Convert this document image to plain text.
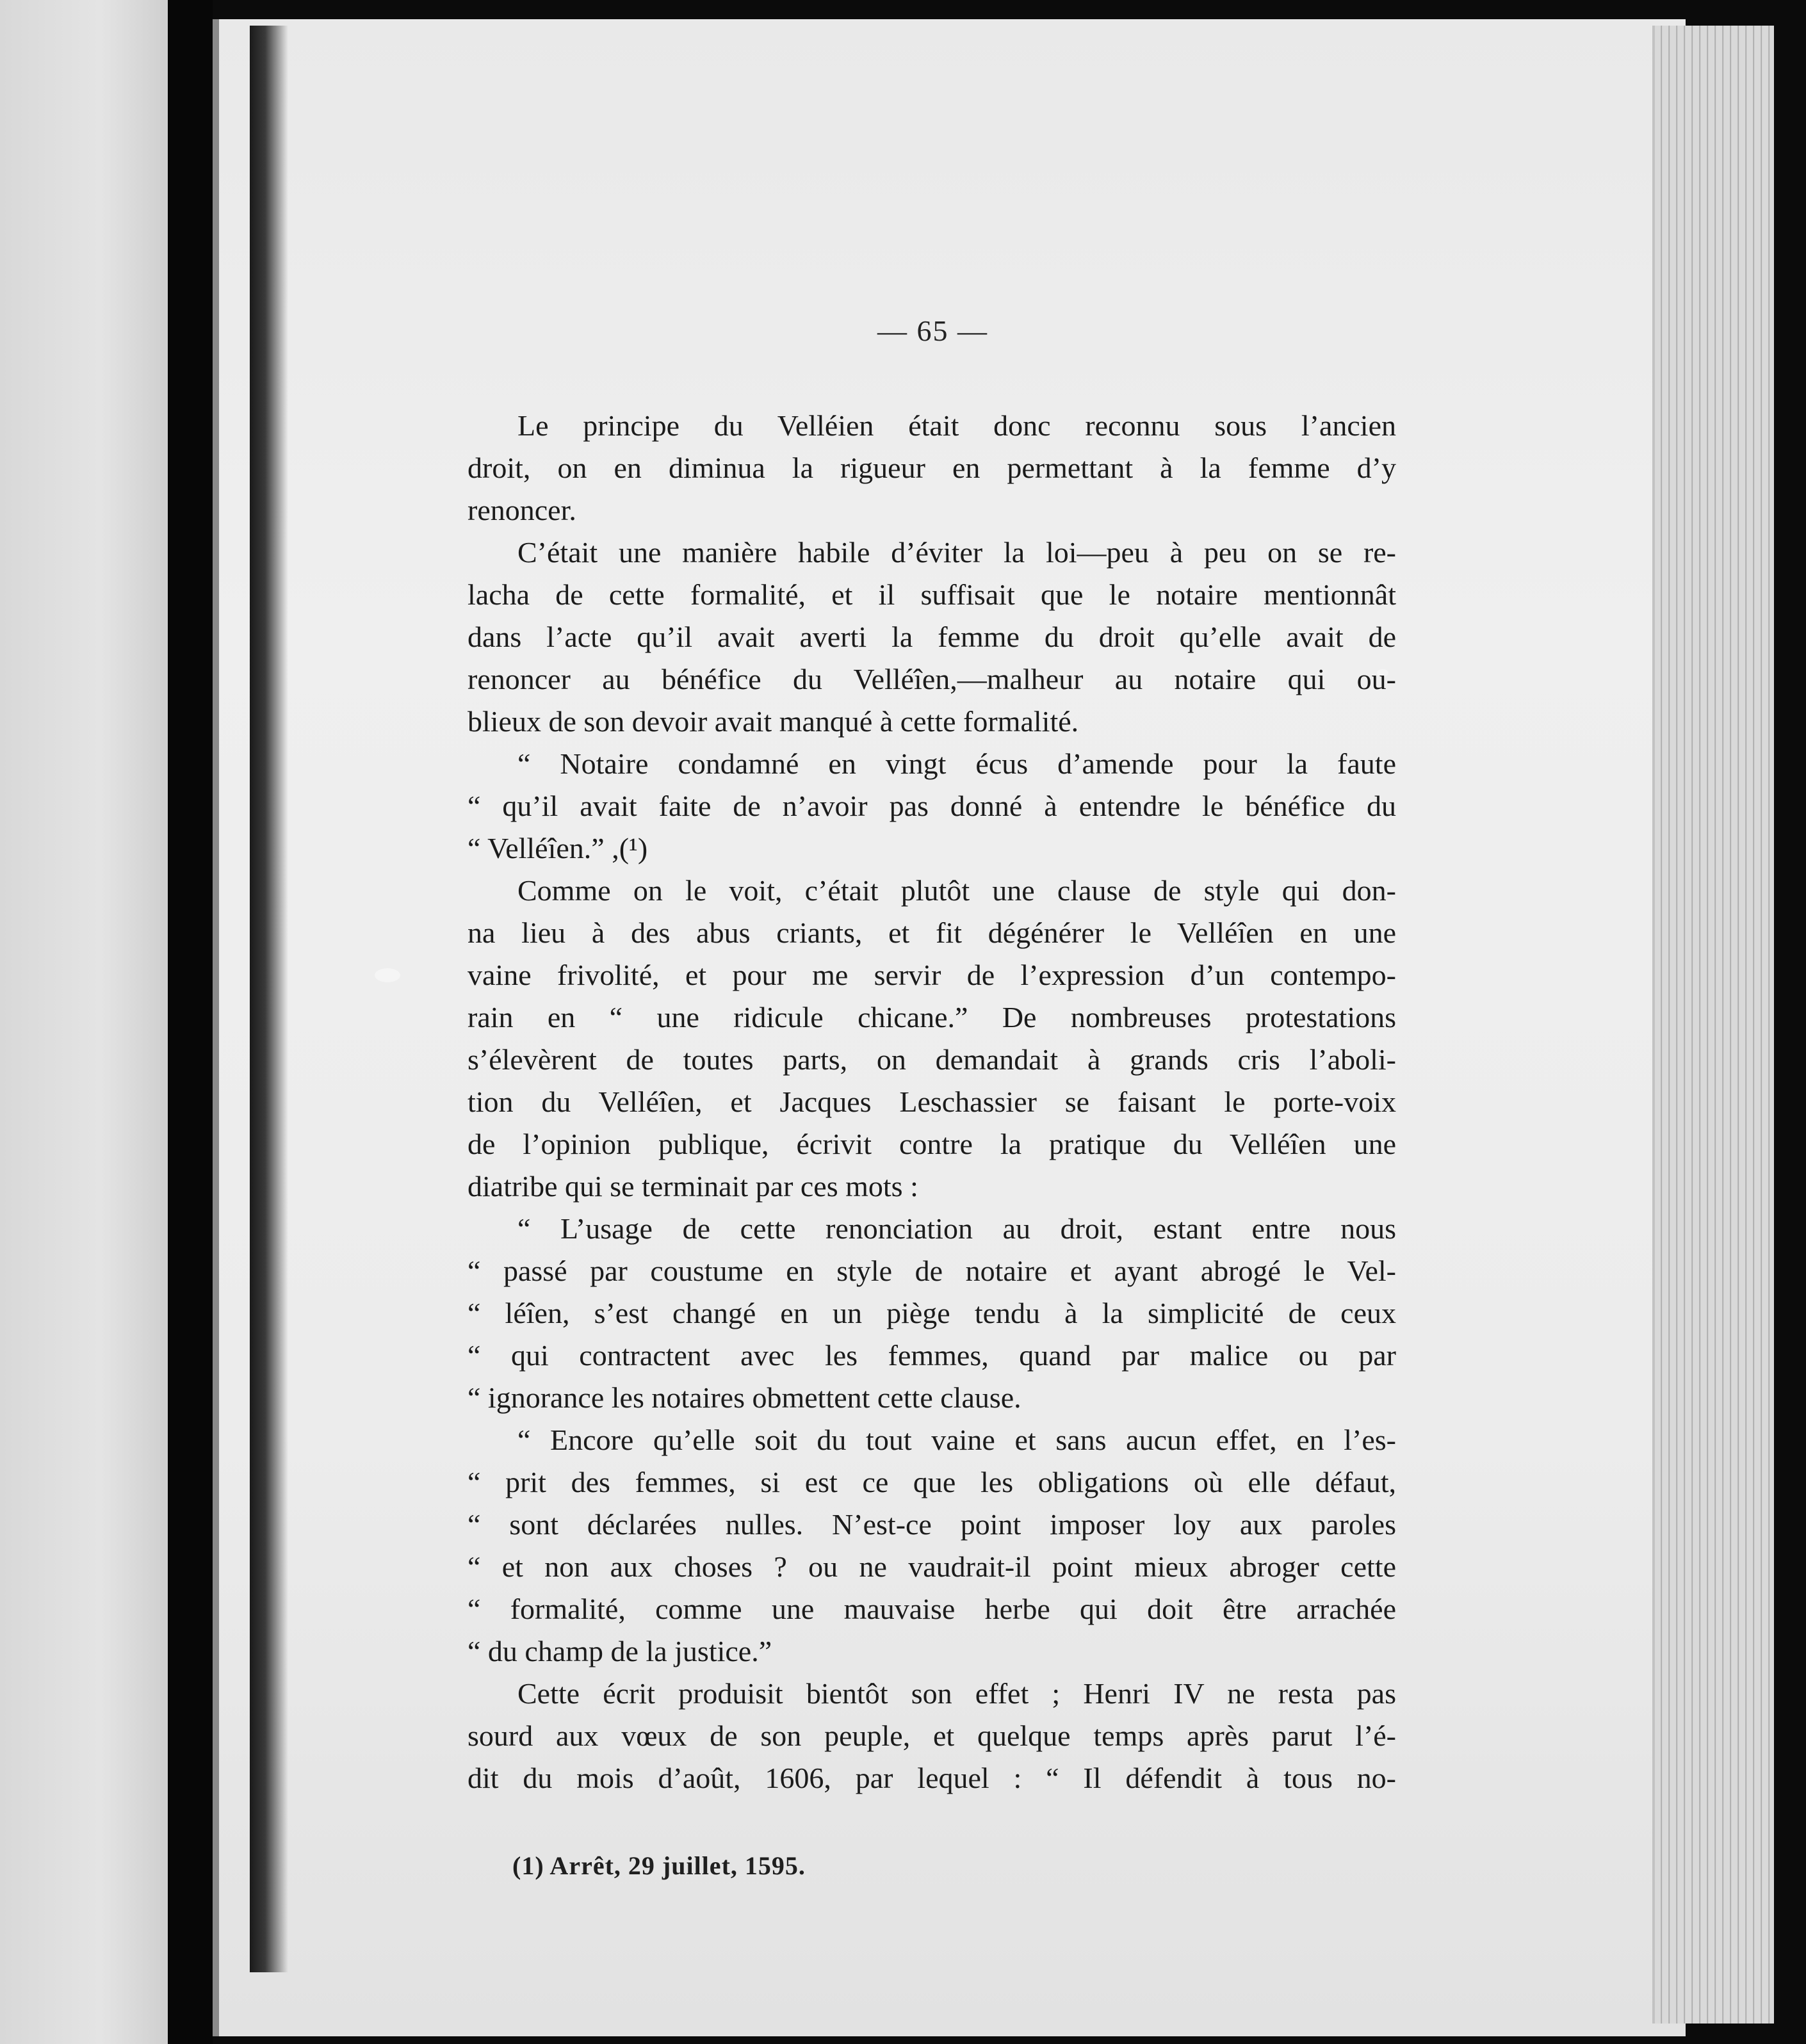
— 65 —
Le principe du Velléien était donc reconnu sous l’ancien
droit, on en diminua la rigueur en permettant à la femme d’y
renoncer.
C’était une manière habile d’éviter la loi—peu à peu on se re-
lacha de cette formalité, et il suffisait que le notaire mentionnât
dans l’acte qu’il avait averti la femme du droit qu’elle avait de
renoncer au bénéfice du Velléîen,—malheur au notaire qui ou-
blieux de son devoir avait manqué à cette formalité.
“ Notaire condamné en vingt écus d’amende pour la faute
“ qu’il avait faite de n’avoir pas donné à entendre le bénéfice du
“ Velléîen.” ,(¹)
Comme on le voit, c’était plutôt une clause de style qui don-
na lieu à des abus criants, et fit dégénérer le Velléîen en une
vaine frivolité, et pour me servir de l’expression d’un contempo-
rain en “ une ridicule chicane.” De nombreuses protestations
s’élevèrent de toutes parts, on demandait à grands cris l’aboli-
tion du Velléîen, et Jacques Leschassier se faisant le porte-voix
de l’opinion publique, écrivit contre la pratique du Velléîen une
diatribe qui se terminait par ces mots :
“ L’usage de cette renonciation au droit, estant entre nous
“ passé par coustume en style de notaire et ayant abrogé le Vel-
“ léîen, s’est changé en un piège tendu à la simplicité de ceux
“ qui contractent avec les femmes, quand par malice ou par
“ ignorance les notaires obmettent cette clause.
“ Encore qu’elle soit du tout vaine et sans aucun effet, en l’es-
“ prit des femmes, si est ce que les obligations où elle défaut,
“ sont déclarées nulles. N’est-ce point imposer loy aux paroles
“ et non aux choses ? ou ne vaudrait-il point mieux abroger cette
“ formalité, comme une mauvaise herbe qui doit être arrachée
“ du champ de la justice.”
Cette écrit produisit bientôt son effet ; Henri IV ne resta pas
sourd aux vœux de son peuple, et quelque temps après parut l’é-
dit du mois d’août, 1606, par lequel : “ Il défendit à tous no-
(1) Arrêt, 29 juillet, 1595.
